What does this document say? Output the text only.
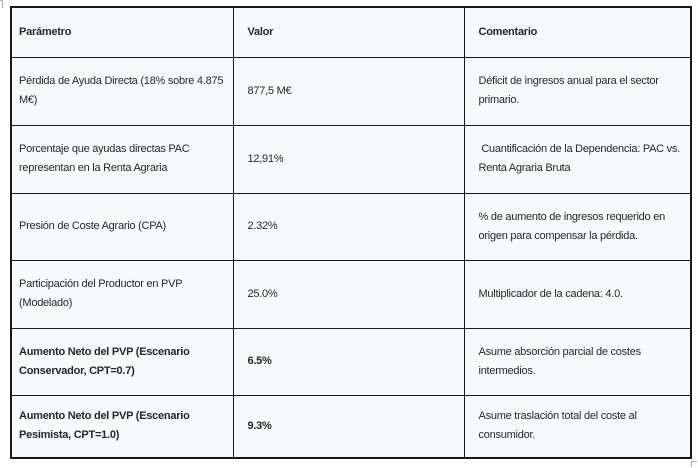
Parámetro	Valor	Comentario
Pérdida de Ayuda Directa (18% sobre 4.875 M€)	877,5 M€	Déficit de ingresos anual para el sector primario.
Porcentaje que ayudas directas PAC representan en la Renta Agraria	12,91%	Cuantificación de la Dependencia: PAC vs. Renta Agraria Bruta
Presión de Coste Agrario (CPA)	2.32%	% de aumento de ingresos requerido en origen para compensar la pérdida.
Participación del Productor en PVP (Modelado)	25.0%	Multiplicador de la cadena: 4.0.
Aumento Neto del PVP (Escenario Conservador, CPT=0.7)	6.5%	Asume absorción parcial de costes intermedios.
Aumento Neto del PVP (Escenario Pesimista, CPT=1.0)	9.3%	Asume traslación total del coste al consumidor.
